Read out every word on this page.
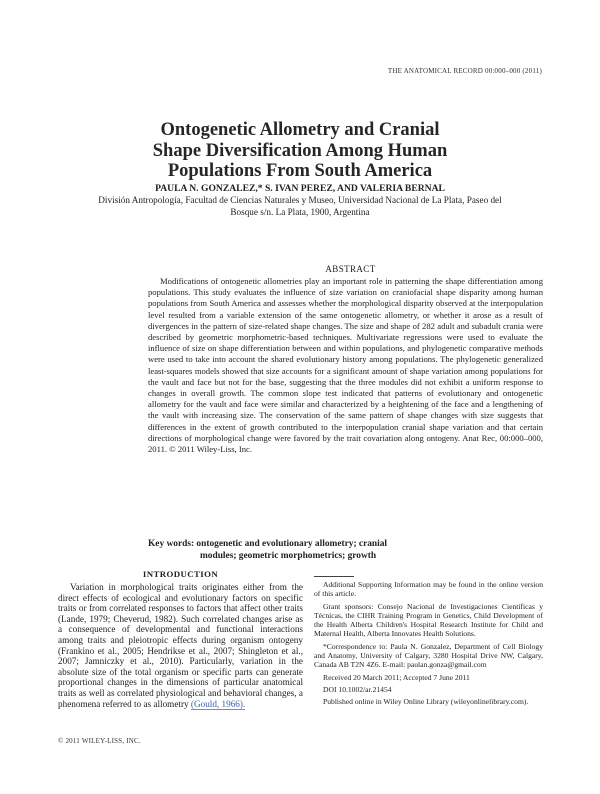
THE ANATOMICAL RECORD 00:000–000 (2011)
Ontogenetic Allometry and Cranial
Shape Diversification Among Human
Populations From South America
PAULA N. GONZALEZ,* S. IVAN PEREZ, AND VALERIA BERNAL
División Antropología, Facultad de Ciencias Naturales y Museo, Universidad Nacional de La Plata, Paseo del Bosque s/n. La Plata, 1900, Argentina
ABSTRACT

Modifications of ontogenetic allometries play an important role in patterning the shape differentiation among populations. This study evaluates the influence of size variation on craniofacial shape disparity among human populations from South America and assesses whether the morphological disparity observed at the interpopulation level resulted from a variable extension of the same ontogenetic allometry, or whether it arose as a result of divergences in the pattern of size-related shape changes. The size and shape of 282 adult and subadult crania were described by geometric morphometric-based techniques. Multivariate regressions were used to evaluate the influence of size on shape differentiation between and within populations, and phylogenetic comparative methods were used to take into account the shared evolutionary history among populations. The phylogenetic generalized least-squares models showed that size accounts for a significant amount of shape variation among populations for the vault and face but not for the base, suggesting that the three modules did not exhibit a uniform response to changes in overall growth. The common slope test indicated that patterns of evolutionary and ontogenetic allometry for the vault and face were similar and characterized by a heightening of the face and a lengthening of the vault with increasing size. The conservation of the same pattern of shape changes with size suggests that differences in the extent of growth contributed to the interpopulation cranial shape variation and that certain directions of morphological change were favored by the trait covariation along ontogeny. Anat Rec, 00:000–000, 2011. © 2011 Wiley-Liss, Inc.

Key words: ontogenetic and evolutionary allometry; cranial
modules; geometric morphometrics; growth
INTRODUCTION

Variation in morphological traits originates either from the direct effects of ecological and evolutionary factors on specific traits or from correlated responses to factors that affect other traits (Lande, 1979; Cheverud, 1982). Such correlated changes arise as a consequence of developmental and functional interactions among traits and pleiotropic effects during organism ontogeny (Frankino et al., 2005; Hendrikse et al., 2007; Shingleton et al., 2007; Jamniczky et al., 2010). Particularly, variation in the absolute size of the total organism or specific parts can generate proportional changes in the dimensions of particular anatomical traits as well as correlated physiological and behavioral changes, a phenomena referred to as allometry (Gould, 1966).

Additional Supporting Information may be found in the online version of this article.

Grant sponsors: Consejo Nacional de Investigaciones Científicas y Técnicas, the CIHR Training Program in Genetics, Child Development of the Health Alberta Children's Hospital Research Institute for Child and Maternal Health, Alberta Innovates Health Solutions.

*Correspondence to: Paula N. Gonzalez, Department of Cell Biology and Anatomy, University of Calgary, 3280 Hospital Drive NW, Calgary, Canada AB T2N 4Z6. E-mail: paulan.gonza@gmail.com

Received 20 March 2011; Accepted 7 June 2011

DOI 10.1002/ar.21454

Published online in Wiley Online Library (wileyonlinelibrary.com).

© 2011 WILEY-LISS, INC.
